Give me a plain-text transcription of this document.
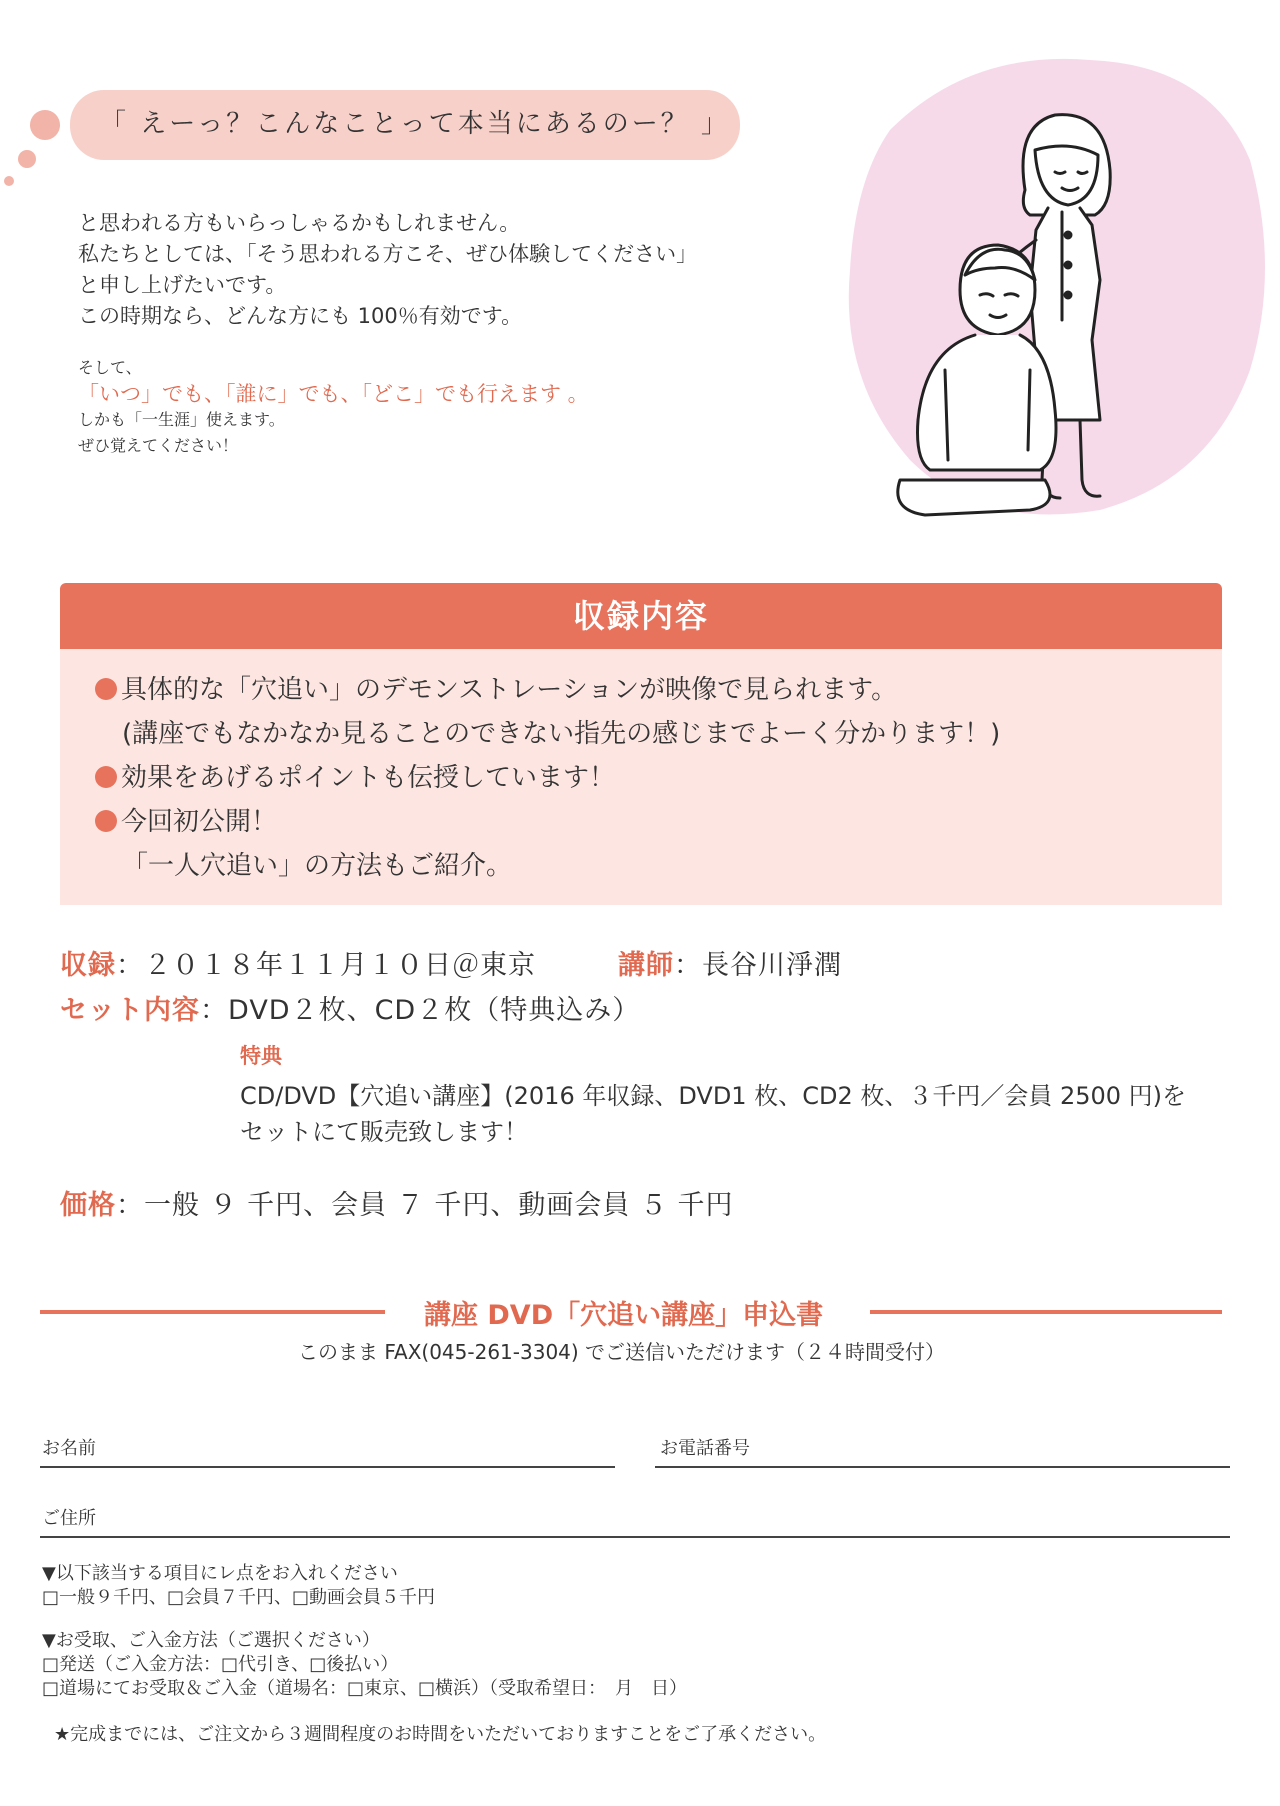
「 えーっ？こんなことって本当にあるのー？ 」
と思われる方もいらっしゃるかもしれません。
私たちとしては、「そう思われる方こそ、ぜひ体験してください」
と申し上げたいです。
この時期なら、どんな方にも 100％有効です。
そして、
「いつ」でも、「誰に」でも、「どこ」でも行えます 。
しかも「一生涯」使えます。
ぜひ覚えてください！
収録内容
具体的な「穴追い」のデモンストレーションが映像で見られます。
(講座でもなかなか見ることのできない指先の感じまでよーく分かります！)
効果をあげるポイントも伝授しています！
今回初公開！
「一人穴追い」の方法もご紹介。
収録：２０１８年１１月１０日＠東京	講師：長谷川淨潤
セット内容：DVD２枚、CD２枚（特典込み）
特典
CD/DVD【穴追い講座】(2016 年収録、DVD1 枚、CD2 枚、３千円／会員 2500 円)を
セットにて販売致します！
価格：一般 ９ 千円、会員 ７ 千円、動画会員 ５ 千円
講座 DVD「穴追い講座」申込書
このまま FAX(045-261-3304) でご送信いただけます（２４時間受付）
お名前	お電話番号
ご住所
▼以下該当する項目にレ点をお入れください
□一般９千円、□会員７千円、□動画会員５千円
▼お受取、ご入金方法（ご選択ください）
□発送（ご入金方法：□代引き、□後払い）
□道場にてお受取＆ご入金（道場名：□東京、□横浜）（受取希望日：　月　日）
★完成までには、ご注文から３週間程度のお時間をいただいておりますことをご了承ください。
